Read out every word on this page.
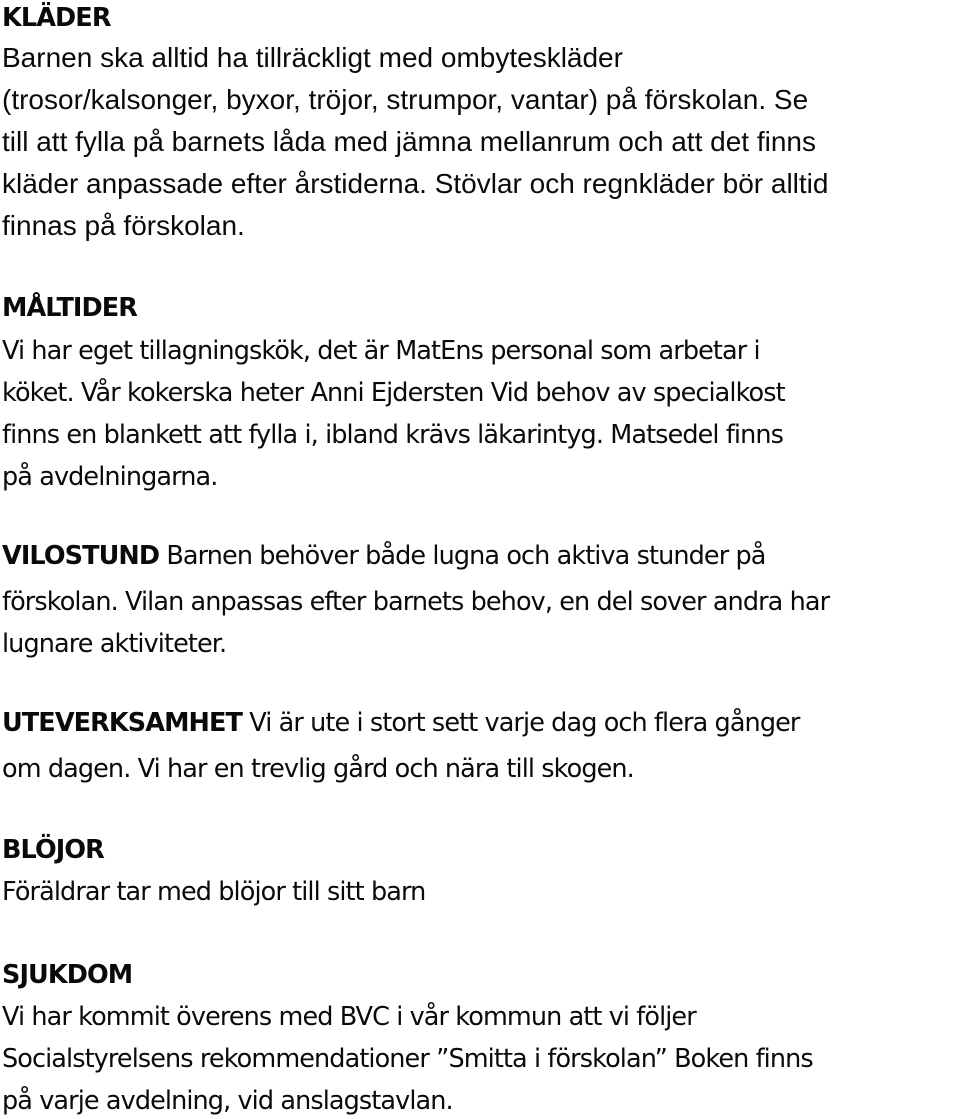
KLÄDER
Barnen ska alltid ha tillräckligt med ombyteskläder
(trosor/kalsonger, byxor, tröjor, strumpor, vantar) på förskolan. Se
till att fylla på barnets låda med jämna mellanrum och att det finns
kläder anpassade efter årstiderna. Stövlar och regnkläder bör alltid
finnas på förskolan.
MÅLTIDER
Vi har eget tillagningskök, det är MatEns personal som arbetar i
köket. Vår kokerska heter Anni Ejdersten Vid behov av specialkost
finns en blankett att fylla i, ibland krävs läkarintyg. Matsedel finns
på avdelningarna.
VILOSTUND Barnen behöver både lugna och aktiva stunder på
förskolan. Vilan anpassas efter barnets behov, en del sover andra har
lugnare aktiviteter.
UTEVERKSAMHET Vi är ute i stort sett varje dag och flera gånger
om dagen. Vi har en trevlig gård och nära till skogen.
BLÖJOR
Föräldrar tar med blöjor till sitt barn
SJUKDOM
Vi har kommit överens med BVC i vår kommun att vi följer
Socialstyrelsens rekommendationer ”Smitta i förskolan” Boken finns
på varje avdelning, vid anslagstavlan.
